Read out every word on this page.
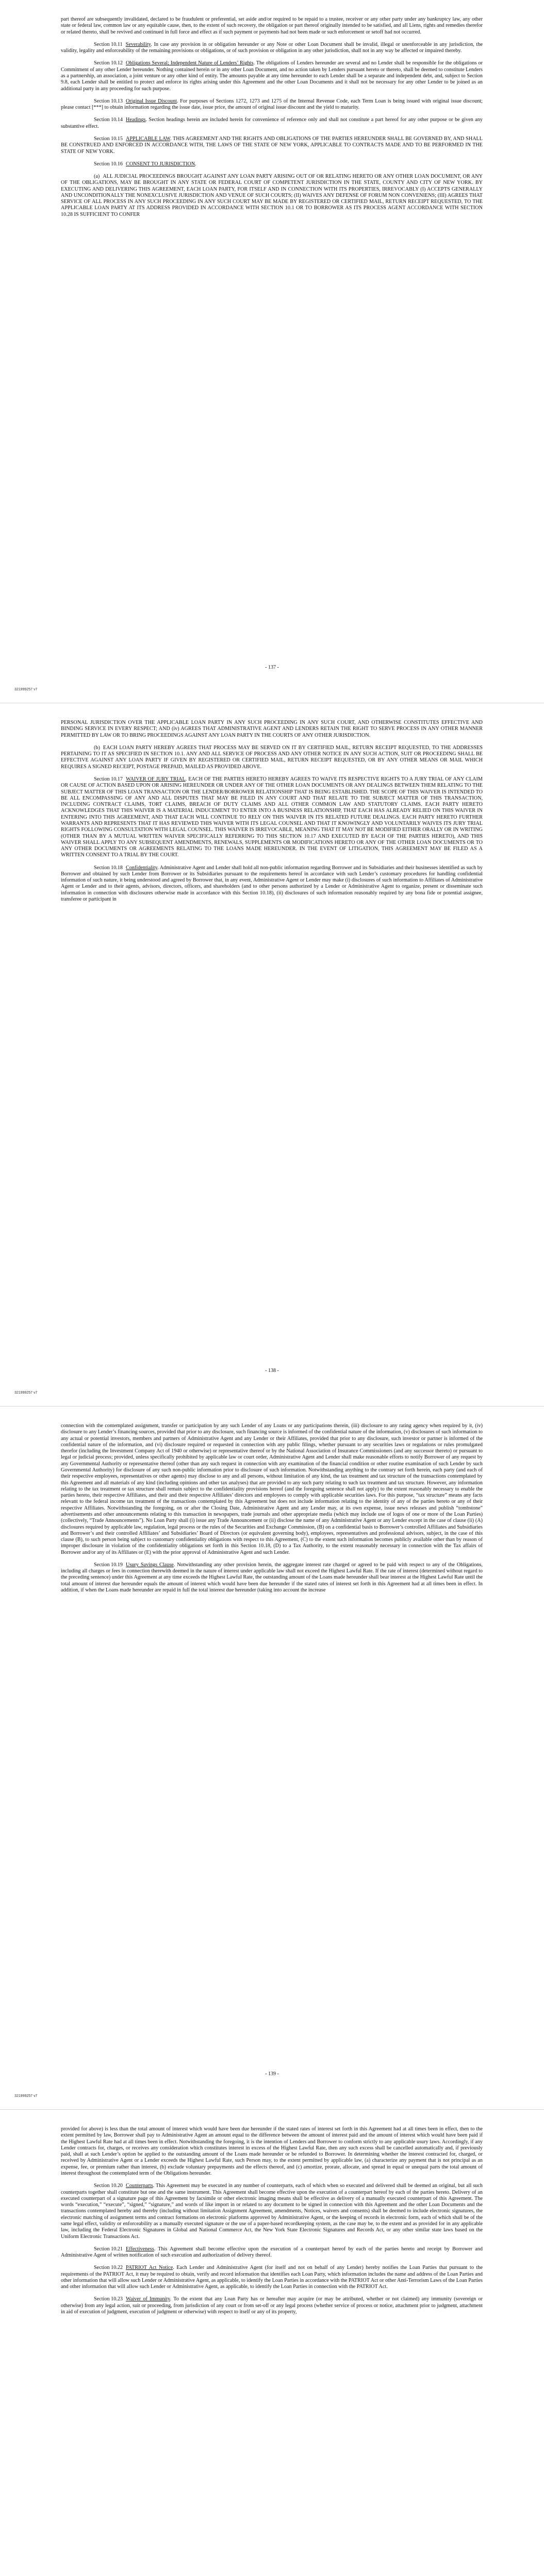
part thereof are subsequently invalidated, declared to be fraudulent or preferential, set aside and/or required to be repaid to a trustee, receiver or any other party under any bankruptcy law, any other state or federal law, common law or any equitable cause, then, to the extent of such recovery, the obligation or part thereof originally intended to be satisfied, and all Liens, rights and remedies therefor or related thereto, shall be revived and continued in full force and effect as if such payment or payments had not been made or such enforcement or setoff had not occurred.

Section 10.11 Severability. In case any provision in or obligation hereunder or any Note or other Loan Document shall be invalid, illegal or unenforceable in any jurisdiction, the validity, legality and enforceability of the remaining provisions or obligations, or of such provision or obligation in any other jurisdiction, shall not in any way be affected or impaired thereby.

Section 10.12 Obligations Several; Independent Nature of Lenders’ Rights. The obligations of Lenders hereunder are several and no Lender shall be responsible for the obligations or Commitment of any other Lender hereunder. Nothing contained herein or in any other Loan Document, and no action taken by Lenders pursuant hereto or thereto, shall be deemed to constitute Lenders as a partnership, an association, a joint venture or any other kind of entity. The amounts payable at any time hereunder to each Lender shall be a separate and independent debt, and, subject to Section 9.8, each Lender shall be entitled to protect and enforce its rights arising under this Agreement and the other Loan Documents and it shall not be necessary for any other Lender to be joined as an additional party in any proceeding for such purpose.

Section 10.13 Original Issue Discount. For purposes of Sections 1272, 1273 and 1275 of the Internal Revenue Code, each Term Loan is being issued with original issue discount; please contact [***] to obtain information regarding the issue date, issue price, the amount of original issue discount and the yield to maturity.

Section 10.14 Headings. Section headings herein are included herein for convenience of reference only and shall not constitute a part hereof for any other purpose or be given any substantive effect.

Section 10.15 APPLICABLE LAW. THIS AGREEMENT AND THE RIGHTS AND OBLIGATIONS OF THE PARTIES HEREUNDER SHALL BE GOVERNED BY, AND SHALL BE CONSTRUED AND ENFORCED IN ACCORDANCE WITH, THE LAWS OF THE STATE OF NEW YORK, APPLICABLE TO CONTRACTS MADE AND TO BE PERFORMED IN THE STATE OF NEW YORK.

Section 10.16 CONSENT TO JURISDICTION.

(a) ALL JUDICIAL PROCEEDINGS BROUGHT AGAINST ANY LOAN PARTY ARISING OUT OF OR RELATING HERETO OR ANY OTHER LOAN DOCUMENT, OR ANY OF THE OBLIGATIONS, MAY BE BROUGHT IN ANY STATE OR FEDERAL COURT OF COMPETENT JURISDICTION IN THE STATE, COUNTY AND CITY OF NEW YORK. BY EXECUTING AND DELIVERING THIS AGREEMENT, EACH LOAN PARTY, FOR ITSELF AND IN CONNECTION WITH ITS PROPERTIES, IRREVOCABLY (I) ACCEPTS GENERALLY AND UNCONDITIONALLY THE NONEXCLUSIVE JURISDICTION AND VENUE OF SUCH COURTS; (II) WAIVES ANY DEFENSE OF FORUM NON CONVENIENS; (III) AGREES THAT SERVICE OF ALL PROCESS IN ANY SUCH PROCEEDING IN ANY SUCH COURT MAY BE MADE BY REGISTERED OR CERTIFIED MAIL, RETURN RECEIPT REQUESTED, TO THE APPLICABLE LOAN PARTY AT ITS ADDRESS PROVIDED IN ACCORDANCE WITH SECTION 10.1 OR TO BORROWER AS ITS PROCESS AGENT ACCORDANCE WITH SECTION 10.28 IS SUFFICIENT TO CONFER

- 137 -
321999257 v7

PERSONAL JURISDICTION OVER THE APPLICABLE LOAN PARTY IN ANY SUCH PROCEEDING IN ANY SUCH COURT, AND OTHERWISE CONSTITUTES EFFECTIVE AND BINDING SERVICE IN EVERY RESPECT; AND (iv) AGREES THAT ADMINISTRATIVE AGENT AND LENDERS RETAIN THE RIGHT TO SERVE PROCESS IN ANY OTHER MANNER PERMITTED BY LAW OR TO BRING PROCEEDINGS AGAINST ANY LOAN PARTY IN THE COURTS OF ANY OTHER JURISDICTION.

(b) EACH LOAN PARTY HEREBY AGREES THAT PROCESS MAY BE SERVED ON IT BY CERTIFIED MAIL, RETURN RECEIPT REQUESTED, TO THE ADDRESSES PERTAINING TO IT AS SPECIFIED IN SECTION 10.1. ANY AND ALL SERVICE OF PROCESS AND ANY OTHER NOTICE IN ANY SUCH ACTION, SUIT OR PROCEEDING SHALL BE EFFECTIVE AGAINST ANY LOAN PARTY IF GIVEN BY REGISTERED OR CERTIFIED MAIL, RETURN RECEIPT REQUESTED, OR BY ANY OTHER MEANS OR MAIL WHICH REQUIRES A SIGNED RECEIPT, POSTAGE PREPAID, MAILED AS PROVIDED ABOVE.

Section 10.17 WAIVER OF JURY TRIAL. EACH OF THE PARTIES HERETO HEREBY AGREES TO WAIVE ITS RESPECTIVE RIGHTS TO A JURY TRIAL OF ANY CLAIM OR CAUSE OF ACTION BASED UPON OR ARISING HEREUNDER OR UNDER ANY OF THE OTHER LOAN DOCUMENTS OR ANY DEALINGS BETWEEN THEM RELATING TO THE SUBJECT MATTER OF THIS LOAN TRANSACTION OR THE LENDER/BORROWER RELATIONSHIP THAT IS BEING ESTABLISHED. THE SCOPE OF THIS WAIVER IS INTENDED TO BE ALL ENCOMPASSING OF ANY AND ALL DISPUTES THAT MAY BE FILED IN ANY COURT AND THAT RELATE TO THE SUBJECT MATTER OF THIS TRANSACTION, INCLUDING CONTRACT CLAIMS, TORT CLAIMS, BREACH OF DUTY CLAIMS AND ALL OTHER COMMON LAW AND STATUTORY CLAIMS. EACH PARTY HERETO ACKNOWLEDGES THAT THIS WAIVER IS A MATERIAL INDUCEMENT TO ENTER INTO A BUSINESS RELATIONSHIP, THAT EACH HAS ALREADY RELIED ON THIS WAIVER IN ENTERING INTO THIS AGREEMENT, AND THAT EACH WILL CONTINUE TO RELY ON THIS WAIVER IN ITS RELATED FUTURE DEALINGS. EACH PARTY HERETO FURTHER WARRANTS AND REPRESENTS THAT IT HAS REVIEWED THIS WAIVER WITH ITS LEGAL COUNSEL AND THAT IT KNOWINGLY AND VOLUNTARILY WAIVES ITS JURY TRIAL RIGHTS FOLLOWING CONSULTATION WITH LEGAL COUNSEL. THIS WAIVER IS IRREVOCABLE, MEANING THAT IT MAY NOT BE MODIFIED EITHER ORALLY OR IN WRITING (OTHER THAN BY A MUTUAL WRITTEN WAIVER SPECIFICALLY REFERRING TO THIS SECTION 10.17 AND EXECUTED BY EACH OF THE PARTIES HERETO), AND THIS WAIVER SHALL APPLY TO ANY SUBSEQUENT AMENDMENTS, RENEWALS, SUPPLEMENTS OR MODIFICATIONS HERETO OR ANY OF THE OTHER LOAN DOCUMENTS OR TO ANY OTHER DOCUMENTS OR AGREEMENTS RELATING TO THE LOANS MADE HEREUNDER. IN THE EVENT OF LITIGATION, THIS AGREEMENT MAY BE FILED AS A WRITTEN CONSENT TO A TRIAL BY THE COURT.

Section 10.18 Confidentiality. Administrative Agent and Lender shall hold all non-public information regarding Borrower and its Subsidiaries and their businesses identified as such by Borrower and obtained by such Lender from Borrower or its Subsidiaries pursuant to the requirements hereof in accordance with such Lender’s customary procedures for handling confidential information of such nature, it being understood and agreed by Borrower that, in any event, Administrative Agent or Lender may make (i) disclosures of such information to Affiliates of Administrative Agent or Lender and to their agents, advisors, directors, officers, and shareholders (and to other persons authorized by a Lender or Administrative Agent to organize, present or disseminate such information in connection with disclosures otherwise made in accordance with this Section 10.18), (ii) disclosures of such information reasonably required by any bona fide or potential assignee, transferee or participant in

- 138 -
321999257 v7

connection with the contemplated assignment, transfer or participation by any such Lender of any Loans or any participations therein, (iii) disclosure to any rating agency when required by it, (iv) disclosure to any Lender’s financing sources, provided that prior to any disclosure, such financing source is informed of the confidential nature of the information, (v) disclosures of such information to any actual or potential investors, members and partners of Administrative Agent and any Lender or their Affiliates, provided that prior to any disclosure, such investor or partner is informed of the confidential nature of the information, and (vi) disclosure required or requested in connection with any public filings, whether pursuant to any securities laws or regulations or rules promulgated therefor (including the Investment Company Act of 1940 or otherwise) or representative thereof or by the National Association of Insurance Commissioners (and any successor thereto) or pursuant to legal or judicial process; provided, unless specifically prohibited by applicable law or court order, Administrative Agent and Lender shall make reasonable efforts to notify Borrower of any request by any Governmental Authority or representative thereof (other than any such request in connection with any examination of the financial condition or other routine examination of such Lender by such Governmental Authority) for disclosure of any such non-public information prior to disclosure of such information. Notwithstanding anything to the contrary set forth herein, each party (and each of their respective employees, representatives or other agents) may disclose to any and all persons, without limitation of any kind, the tax treatment and tax structure of the transactions contemplated by this Agreement and all materials of any kind (including opinions and other tax analyses) that are provided to any such party relating to such tax treatment and tax structure. However, any information relating to the tax treatment or tax structure shall remain subject to the confidentiality provisions hereof (and the foregoing sentence shall not apply) to the extent reasonably necessary to enable the parties hereto, their respective Affiliates, and their and their respective Affiliates’ directors and employees to comply with applicable securities laws. For this purpose, “tax structure” means any facts relevant to the federal income tax treatment of the transactions contemplated by this Agreement but does not include information relating to the identity of any of the parties hereto or any of their respective Affiliates. Notwithstanding the foregoing, on or after the Closing Date, Administrative Agent and any Lender may, at its own expense, issue news releases and publish “tombstone” advertisements and other announcements relating to this transaction in newspapers, trade journals and other appropriate media (which may include use of logos of one or more of the Loan Parties) (collectively, “Trade Announcements”). No Loan Party shall (i) issue any Trade Announcement or (ii) disclose the name of any Administrative Agent or any Lender except in the case of clause (ii) (A) disclosures required by applicable law, regulation, legal process or the rules of the Securities and Exchange Commission, (B) on a confidential basis to Borrower’s controlled Affiliates and Subsidiaries and Borrower’s and their controlled Affiliates’ and Subsidiaries’ Board of Directors (or equivalent governing body), employees, representatives and professional advisors, subject, in the case of this clause (B), to such person being subject to customary confidentiality obligations with respect to this Agreement, (C) to the extent such information becomes publicly available other than by reason of improper disclosure in violation of the confidentiality obligations set forth in this Section 10.18, (D) to a Tax Authority, to the extent reasonably necessary in connection with the Tax affairs of Borrower and/or any of its Affiliates or (E) with the prior approval of Administrative Agent and such Lender.

Section 10.19 Usury Savings Clause. Notwithstanding any other provision herein, the aggregate interest rate charged or agreed to be paid with respect to any of the Obligations, including all charges or fees in connection therewith deemed in the nature of interest under applicable law shall not exceed the Highest Lawful Rate. If the rate of interest (determined without regard to the preceding sentence) under this Agreement at any time exceeds the Highest Lawful Rate, the outstanding amount of the Loans made hereunder shall bear interest at the Highest Lawful Rate until the total amount of interest due hereunder equals the amount of interest which would have been due hereunder if the stated rates of interest set forth in this Agreement had at all times been in effect. In addition, if when the Loans made hereunder are repaid in full the total interest due hereunder (taking into account the increase

- 139 -
321999257 v7

provided for above) is less than the total amount of interest which would have been due hereunder if the stated rates of interest set forth in this Agreement had at all times been in effect, then to the extent permitted by law, Borrower shall pay to Administrative Agent an amount equal to the difference between the amount of interest paid and the amount of interest which would have been paid if the Highest Lawful Rate had at all times been in effect. Notwithstanding the foregoing, it is the intention of Lenders and Borrower to conform strictly to any applicable usury laws. Accordingly, if any Lender contracts for, charges, or receives any consideration which constitutes interest in excess of the Highest Lawful Rate, then any such excess shall be cancelled automatically and, if previously paid, shall at such Lender’s option be applied to the outstanding amount of the Loans made hereunder or be refunded to Borrower. In determining whether the interest contracted for, charged, or received by Administrative Agent or a Lender exceeds the Highest Lawful Rate, such Person may, to the extent permitted by applicable law, (a) characterize any payment that is not principal as an expense, fee, or premium rather than interest, (b) exclude voluntary prepayments and the effects thereof, and (c) amortize, prorate, allocate, and spread in equal or unequal parts the total amount of interest throughout the contemplated term of the Obligations hereunder.

Section 10.20 Counterparts. This Agreement may be executed in any number of counterparts, each of which when so executed and delivered shall be deemed an original, but all such counterparts together shall constitute but one and the same instrument. This Agreement shall become effective upon the execution of a counterpart hereof by each of the parties hereto. Delivery of an executed counterpart of a signature page of this Agreement by facsimile or other electronic imaging means shall be effective as delivery of a manually executed counterpart of this Agreement. The words “execution,” “execute”, “signed,” “signature,” and words of like import in or related to any document to be signed in connection with this Agreement and the other Loan Documents and the transactions contemplated hereby and thereby (including without limitation Assignment Agreement, amendments, Notices, waivers and consents) shall be deemed to include electronic signatures, the electronic matching of assignment terms and contract formations on electronic platforms approved by Administrative Agent, or the keeping of records in electronic form, each of which shall be of the same legal effect, validity or enforceability as a manually executed signature or the use of a paper-based recordkeeping system, as the case may be, to the extent and as provided for in any applicable law, including the Federal Electronic Signatures in Global and National Commerce Act, the New York State Electronic Signatures and Records Act, or any other similar state laws based on the Uniform Electronic Transactions Act.

Section 10.21 Effectiveness. This Agreement shall become effective upon the execution of a counterpart hereof by each of the parties hereto and receipt by Borrower and Administrative Agent of written notification of such execution and authorization of delivery thereof.

Section 10.22 PATRIOT Act Notice. Each Lender and Administrative Agent (for itself and not on behalf of any Lender) hereby notifies the Loan Parties that pursuant to the requirements of the PATRIOT Act, it may be required to obtain, verify and record information that identifies each Loan Party, which information includes the name and address of the Loan Parties and other information that will allow such Lender or Administrative Agent, as applicable, to identify the Loan Parties in accordance with the PATRIOT Act or other Anti-Terrorism Laws of the Loan Parties and other information that will allow such Lender or Administrative Agent, as applicable, to identify the Loan Parties in connection with the PATRIOT Act.

Section 10.23 Waiver of Immunity. To the extent that any Loan Party has or hereafter may acquire (or may be attributed, whether or not claimed) any immunity (sovereign or otherwise) from any legal action, suit or proceeding, from jurisdiction of any court or from set-off or any legal process (whether service of process or notice, attachment prior to judgment, attachment in aid of execution of judgment, execution of judgment or otherwise) with respect to itself or any of its property,
